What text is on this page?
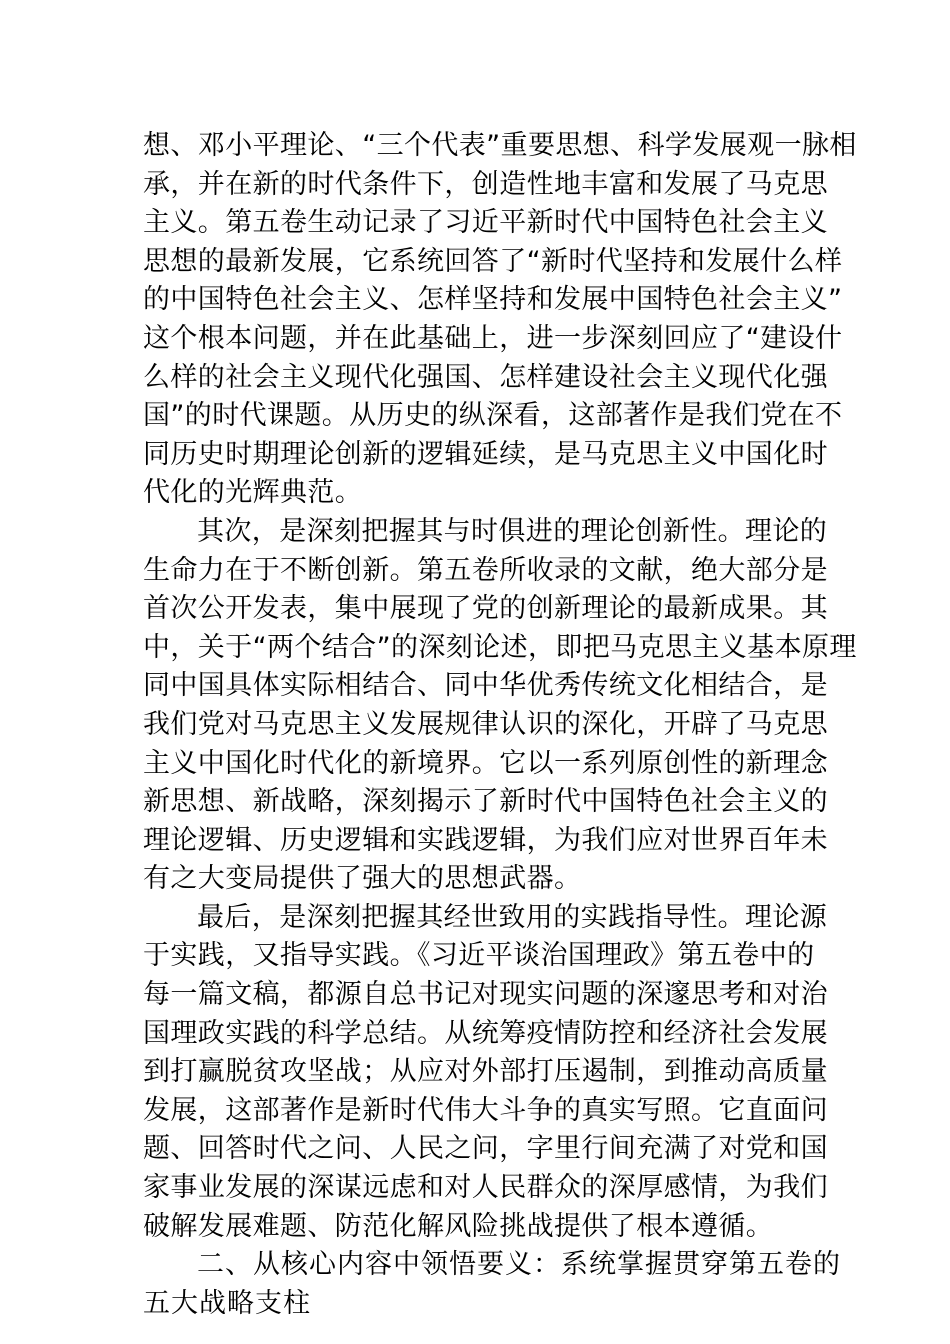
想、邓小平理论、“三个代表”重要思想、科学发展观一脉相
承，并在新的时代条件下，创造性地丰富和发展了马克思
主义。第五卷生动记录了习近平新时代中国特色社会主义
思想的最新发展，它系统回答了“新时代坚持和发展什么样
的中国特色社会主义、怎样坚持和发展中国特色社会主义”
这个根本问题，并在此基础上，进一步深刻回应了“建设什
么样的社会主义现代化强国、怎样建设社会主义现代化强
国”的时代课题。从历史的纵深看，这部著作是我们党在不
同历史时期理论创新的逻辑延续，是马克思主义中国化时
代化的光辉典范。
其次，是深刻把握其与时俱进的理论创新性。理论的
生命力在于不断创新。第五卷所收录的文献，绝大部分是
首次公开发表，集中展现了党的创新理论的最新成果。其
中，关于“两个结合”的深刻论述，即把马克思主义基本原理
同中国具体实际相结合、同中华优秀传统文化相结合，是
我们党对马克思主义发展规律认识的深化，开辟了马克思
主义中国化时代化的新境界。它以一系列原创性的新理念
新思想、新战略，深刻揭示了新时代中国特色社会主义的
理论逻辑、历史逻辑和实践逻辑，为我们应对世界百年未
有之大变局提供了强大的思想武器。
最后，是深刻把握其经世致用的实践指导性。理论源
于实践，又指导实践。《习近平谈治国理政》第五卷中的
每一篇文稿，都源自总书记对现实问题的深邃思考和对治
国理政实践的科学总结。从统筹疫情防控和经济社会发展
到打赢脱贫攻坚战；从应对外部打压遏制，到推动高质量
发展，这部著作是新时代伟大斗争的真实写照。它直面问
题、回答时代之问、人民之问，字里行间充满了对党和国
家事业发展的深谋远虑和对人民群众的深厚感情，为我们
破解发展难题、防范化解风险挑战提供了根本遵循。
二、从核心内容中领悟要义：系统掌握贯穿第五卷的
五大战略支柱
